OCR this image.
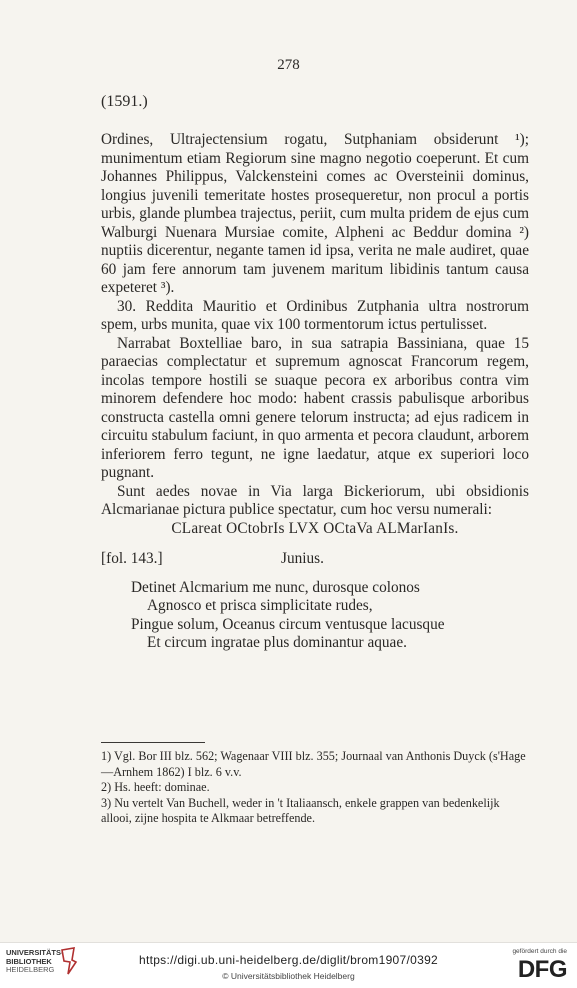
278
(1591.)

Ordines, Ultrajectensium rogatu, Sutphaniam obsiderunt ¹); munimentum etiam Regiorum sine magno negotio coeperunt. Et cum Johannes Philippus, Valckensteini comes ac Oversteinii dominus, longius juvenili temeritate hostes prosequeretur, non procul a portis urbis, glande plumbea trajectus, periit, cum multa pridem de ejus cum Walburgi Nuenara Mursiae comite, Alpheni ac Beddur domina ²) nuptiis dicerentur, negante tamen id ipsa, verita ne male audiret, quae 60 jam fere annorum tam juvenem maritum libidinis tantum causa expeteret ³).

30. Reddita Mauritio et Ordinibus Zutphania ultra nostrorum spem, urbs munita, quae vix 100 tormentorum ictus pertulisset.

Narrabat Boxtelliae baro, in sua satrapia Bassiniana, quae 15 paraecias complectatur et supremum agnoscat Francorum regem, incolas tempore hostili se suaque pecora ex arboribus contra vim minorem defendere hoc modo: habent crassis pabulisque arboribus constructa castella omni genere telorum instructa; ad ejus radicem in circuitu stabulum faciunt, in quo armenta et pecora claudunt, arborem inferiorem ferro tegunt, ne igne laedatur, atque ex superiori loco pugnant.

Sunt aedes novae in Via larga Bickeriorum, ubi obsidionis Alcmarianae pictura publice spectatur, cum hoc versu numerali:

CLareat OCtobrIs LVX OCtaVa ALMarIanIs.

[fol. 143.]	Junius.
Detinet Alcmarium me nunc, durosque colonos
Agnosco et prisca simplicitate rudes,
Pingue solum, Oceanus circum ventusque lacusque
Et circum ingratae plus dominantur aquae.
1) Vgl. Bor III blz. 562; Wagenaar VIII blz. 355; Journaal van Anthonis Duyck (s'Hage—Arnhem 1862) I blz. 6 v.v.
2) Hs. heeft: dominae.
3) Nu vertelt Van Buchell, weder in 't Italiaansch, enkele grappen van bedenkelijk allooi, zijne hospita te Alkmaar betreffende.
UNIVERSITÄTS-
BIBLIOTHEK
HEIDELBERG
https://digi.ub.uni-heidelberg.de/diglit/brom1907/0392
© Universitätsbibliothek Heidelberg
gefördert durch die
DFG
